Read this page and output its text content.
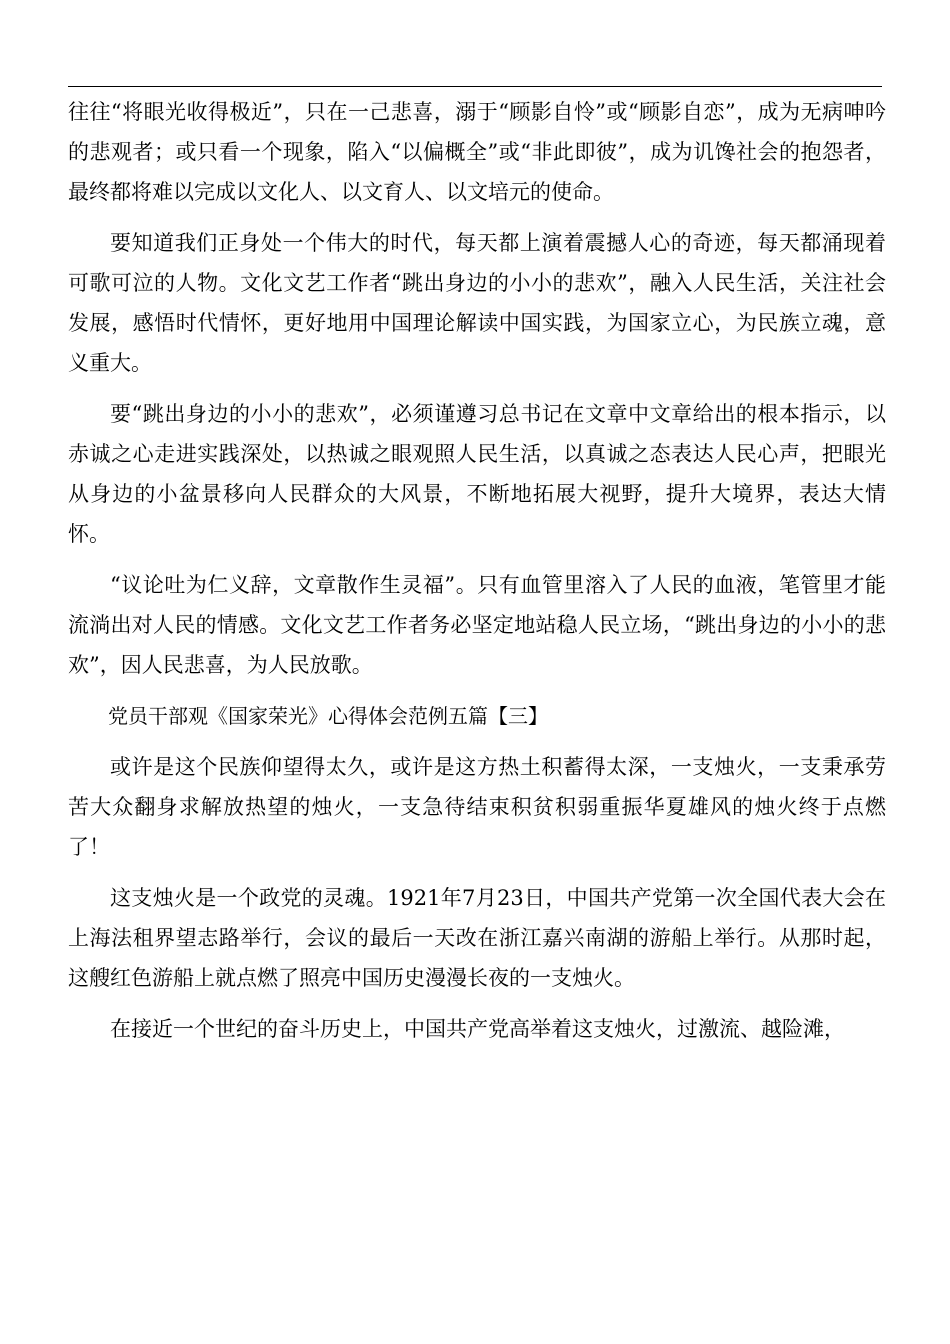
往往“将眼光收得极近”，只在一己悲喜，溺于“顾影自怜”或“顾影自恋”，成为无病呻吟的悲观者；或只看一个现象，陷入“以偏概全”或“非此即彼”，成为讥馋社会的抱怨者，最终都将难以完成以文化人、以文育人、以文培元的使命。

要知道我们正身处一个伟大的时代，每天都上演着震撼人心的奇迹，每天都涌现着可歌可泣的人物。文化文艺工作者“跳出身边的小小的悲欢”，融入人民生活，关注社会发展，感悟时代情怀，更好地用中国理论解读中国实践，为国家立心，为民族立魂，意义重大。

要“跳出身边的小小的悲欢”，必须谨遵习总书记在文章中文章给出的根本指示，以赤诚之心走进实践深处，以热诚之眼观照人民生活，以真诚之态表达人民心声，把眼光从身边的小盆景移向人民群众的大风景，不断地拓展大视野，提升大境界，表达大情怀。

“议论吐为仁义辞，文章散作生灵福”。只有血管里溶入了人民的血液，笔管里才能流淌出对人民的情感。文化文艺工作者务必坚定地站稳人民立场，“跳出身边的小小的悲欢”，因人民悲喜，为人民放歌。

党员干部观《国家荣光》心得体会范例五篇【三】

或许是这个民族仰望得太久，或许是这方热土积蓄得太深，一支烛火，一支秉承劳苦大众翻身求解放热望的烛火，一支急待结束积贫积弱重振华夏雄风的烛火终于点燃了！

这支烛火是一个政党的灵魂。1921年7月23日，中国共产党第一次全国代表大会在上海法租界望志路举行，会议的最后一天改在浙江嘉兴南湖的游船上举行。从那时起，这艘红色游船上就点燃了照亮中国历史漫漫长夜的一支烛火。

在接近一个世纪的奋斗历史上，中国共产党高举着这支烛火，过激流、越险滩，
